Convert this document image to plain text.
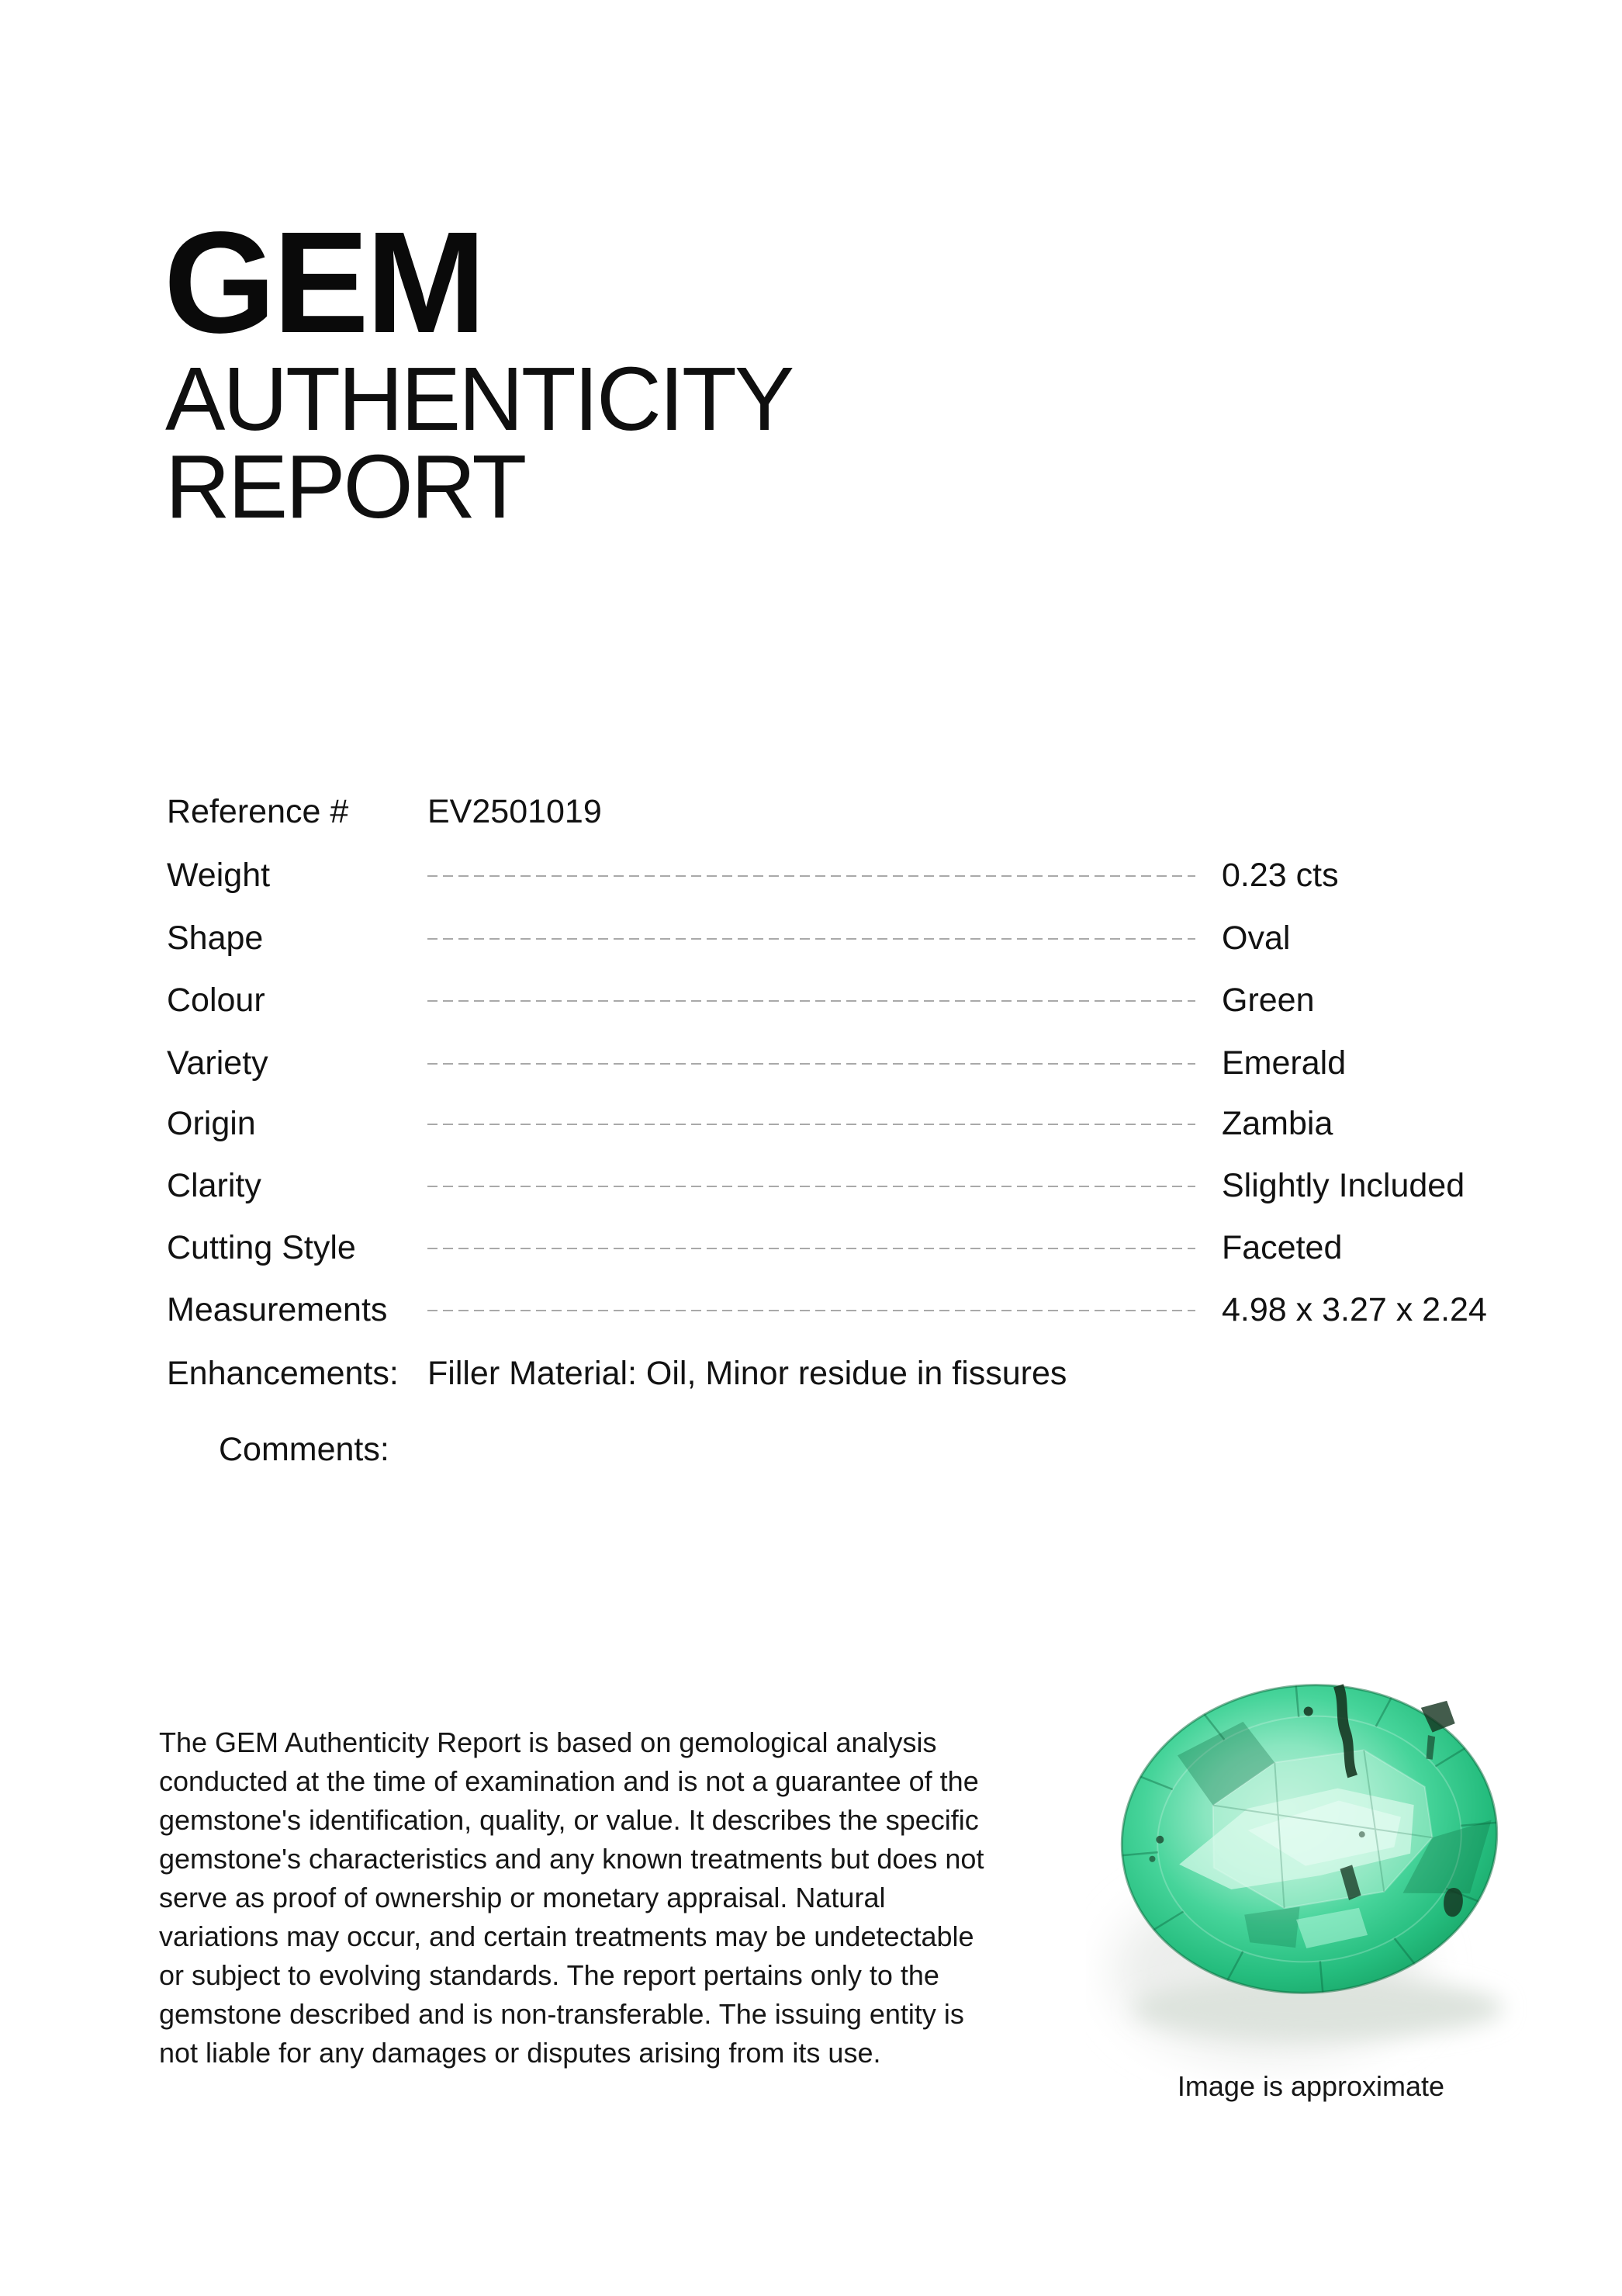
GEM
AUTHENTICITY REPORT
Reference # EV2501019
Weight	0.23 cts
Shape	Oval
Colour	Green
Variety	Emerald
Origin	Zambia
Clarity	Slightly Included
Cutting Style	Faceted
Measurements	4.98 x 3.27 x 2.24
Enhancements: Filler Material: Oil, Minor residue in fissures
Comments:
The GEM Authenticity Report is based on gemological analysis conducted at the time of examination and is not a guarantee of the gemstone's identification, quality, or value. It describes the specific gemstone's characteristics and any known treatments but does not serve as proof of ownership or monetary appraisal. Natural variations may occur, and certain treatments may be undetectable or subject to evolving standards. The report pertains only to the gemstone described and is non-transferable. The issuing entity is not liable for any damages or disputes arising from its use.
Image is approximate
